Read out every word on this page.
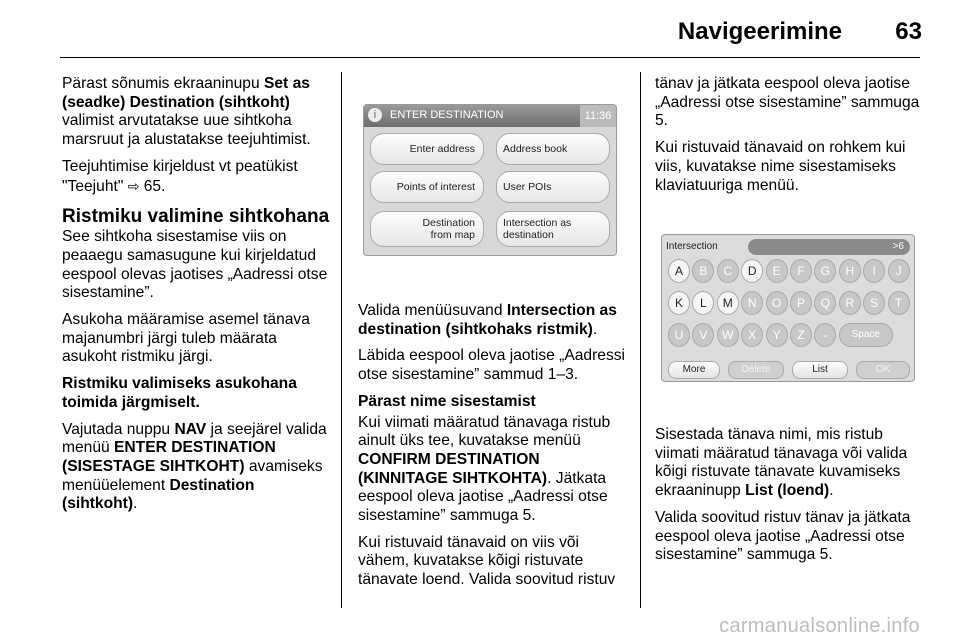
Navigeerimine 63

Pärast sõnumis ekraaninupu Set as (seadke) Destination (sihtkoht) valimist arvutatakse uue sihtkoha marsruut ja alustatakse teejuhtimist.

Teejuhtimise kirjeldust vt peatükist "Teejuht" ⇨ 65.

Ristmiku valimine sihtkohana

See sihtkoha sisestamise viis on peaaegu samasugune kui kirjeldatud eespool olevas jaotises „Aadressi otse sisestamine”.

Asukoha määramise asemel tänava majanumbri järgi tuleb määrata asukoht ristmiku järgi.

Ristmiku valimiseks asukohana toimida järgmiselt.

Vajutada nuppu NAV ja seejärel valida menüü ENTER DESTINATION (SISESTAGE SIHTKOHT) avamiseks menüüelement Destination (sihtkoht).

i	ENTER DESTINATION	11:36
Enter address	Address book
Points of interest	User POIs
Destination
from map
Intersection as
destination

Valida menüüsuvand Intersection as destination (sihtkohaks ristmik).

Läbida eespool oleva jaotise „Aadressi otse sisestamine” sammud 1–3.

Pärast nime sisestamist

Kui viimati määratud tänavaga ristub ainult üks tee, kuvatakse menüü CONFIRM DESTINATION (KINNITAGE SIHTKOHTA). Jätkata eespool oleva jaotise „Aadressi otse sisestamine” sammuga 5.

Kui ristuvaid tänavaid on viis või vähem, kuvatakse kõigi ristuvate tänavate loend. Valida soovitud ristuv

tänav ja jätkata eespool oleva jaotise „Aadressi otse sisestamine” sammuga 5.

Kui ristuvaid tänavaid on rohkem kui viis, kuvatakse nime sisestamiseks klaviatuuriga menüü.

Intersection	>6
A	B	C	D	E	F	G	H	I	J
K	L	M	N	O	P	Q	R	S	T
U	V	W	X	Y	Z	-	Space
More	Delete	List	OK

Sisestada tänava nimi, mis ristub viimati määratud tänavaga või valida kõigi ristuvate tänavate kuvamiseks ekraaninupp List (loend).

Valida soovitud ristuv tänav ja jätkata eespool oleva jaotise „Aadressi otse sisestamine” sammuga 5.

carmanualsonline.info
